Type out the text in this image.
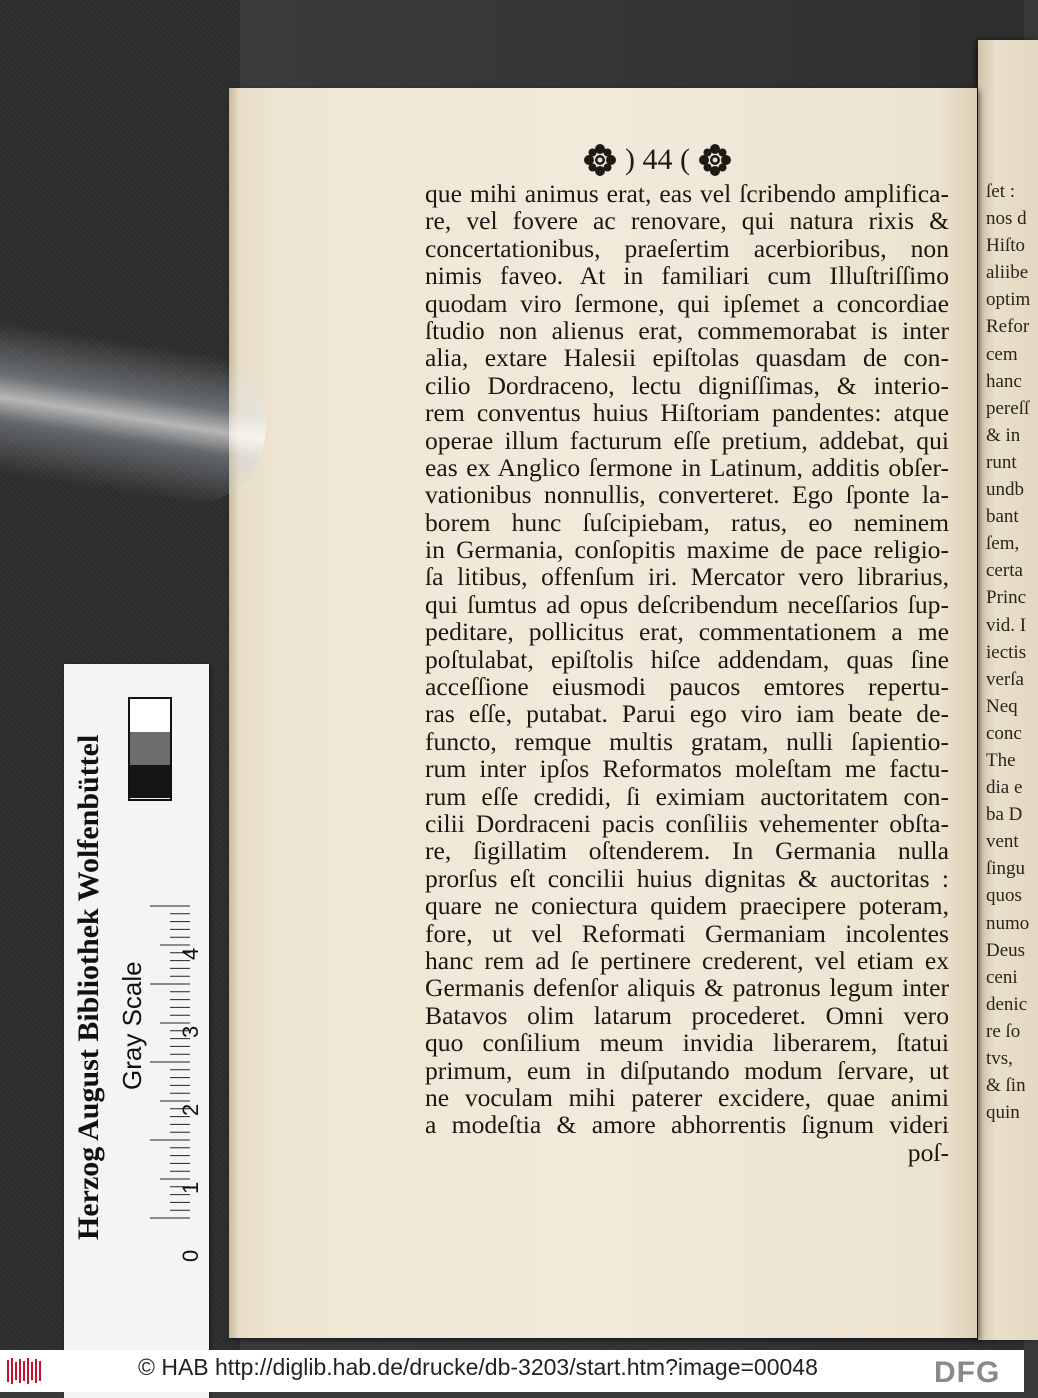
ſet :
nos d
Hiſto
aliibe
optim
Refor
cem
hanc
pereſſ
& in
runt
undb
bant
ſem,
certa
Princ
vid. I
iectis
verſa
Neq
conc
The
dia e
ba D
vent
ſingu
quos
numo
Deus
ceni
denic
re ſo
tvs,
& ſin
quin
) 44 (
que mihi animus erat, eas vel ſcribendo amplifica-
re, vel fovere ac renovare, qui natura rixis &
concertationibus, praeſertim acerbioribus, non
nimis faveo. At in familiari cum Illuſtriſſimo
quodam viro ſermone, qui ipſemet a concordiae
ſtudio non alienus erat, commemorabat is inter
alia, extare Halesii epiſtolas quasdam de con-
cilio Dordraceno, lectu digniſſimas, & interio-
rem conventus huius Hiſtoriam pandentes: atque
operae illum facturum eſſe pretium, addebat, qui
eas ex Anglico ſermone in Latinum, additis obſer-
vationibus nonnullis, converteret. Ego ſponte la-
borem hunc ſuſcipiebam, ratus, eo neminem
in Germania, conſopitis maxime de pace religio-
ſa litibus, offenſum iri. Mercator vero librarius,
qui ſumtus ad opus deſcribendum neceſſarios ſup-
peditare, pollicitus erat, commentationem a me
poſtulabat, epiſtolis hiſce addendam, quas ſine
acceſſione eiusmodi paucos emtores repertu-
ras eſſe, putabat. Parui ego viro iam beate de-
functo, remque multis gratam, nulli ſapientio-
rum inter ipſos Reformatos moleſtam me factu-
rum eſſe credidi, ſi eximiam auctoritatem con-
cilii Dordraceni pacis conſiliis vehementer obſta-
re, ſigillatim oſtenderem. In Germania nulla
prorſus eſt concilii huius dignitas & auctoritas :
quare ne coniectura quidem praecipere poteram,
fore, ut vel Reformati Germaniam incolentes
hanc rem ad ſe pertinere crederent, vel etiam ex
Germanis defenſor aliquis & patronus legum inter
Batavos olim latarum procederet. Omni vero
quo conſilium meum invidia liberarem, ſtatui
primum, eum in diſputando modum ſervare, ut
ne voculam mihi paterer excidere, quae animi
a modeſtia & amore abhorrentis ſignum videri
poſ-
Gray Scale
Herzog August Bibliothek Wolfenbüttel	4
3
2
1
0
© HAB http://diglib.hab.de/drucke/db-3203/start.htm?image=00048	DFG
